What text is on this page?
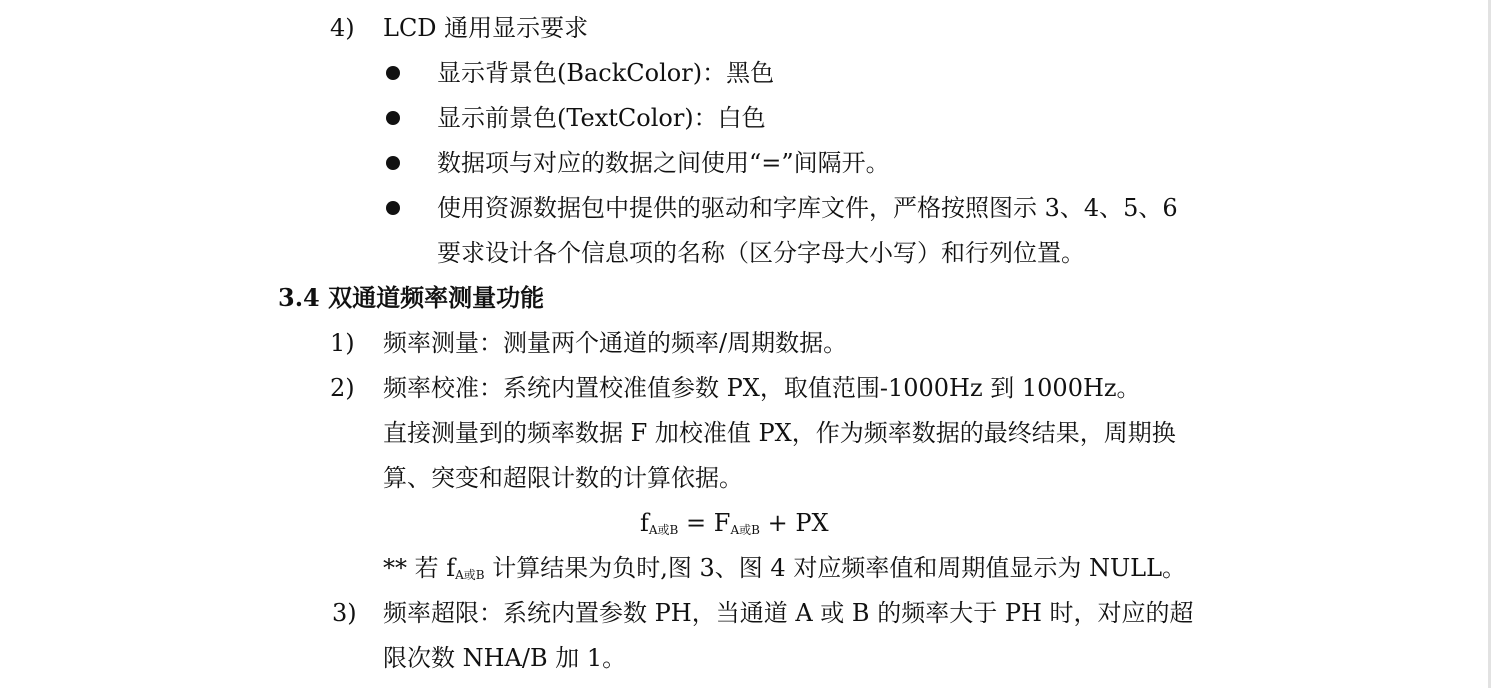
4) LCD 通用显示要求
显示背景色(BackColor)：黑色
显示前景色(TextColor)：白色
数据项与对应的数据之间使用“=”间隔开。
使用资源数据包中提供的驱动和字库文件，严格按照图示 3、4、5、6
要求设计各个信息项的名称（区分字母大小写）和行列位置。
3.4 双通道频率测量功能
1) 频率测量：测量两个通道的频率/周期数据。
2) 频率校准：系统内置校准值参数 PX，取值范围-1000Hz 到 1000Hz。
直接测量到的频率数据 F 加校准值 PX，作为频率数据的最终结果，周期换
算、突变和超限计数的计算依据。
fA或B = FA或B + PX
** 若 fA或B 计算结果为负时,图 3、图 4 对应频率值和周期值显示为 NULL。
3) 频率超限：系统内置参数 PH，当通道 A 或 B 的频率大于 PH 时，对应的超
限次数 NHA/B 加 1。
